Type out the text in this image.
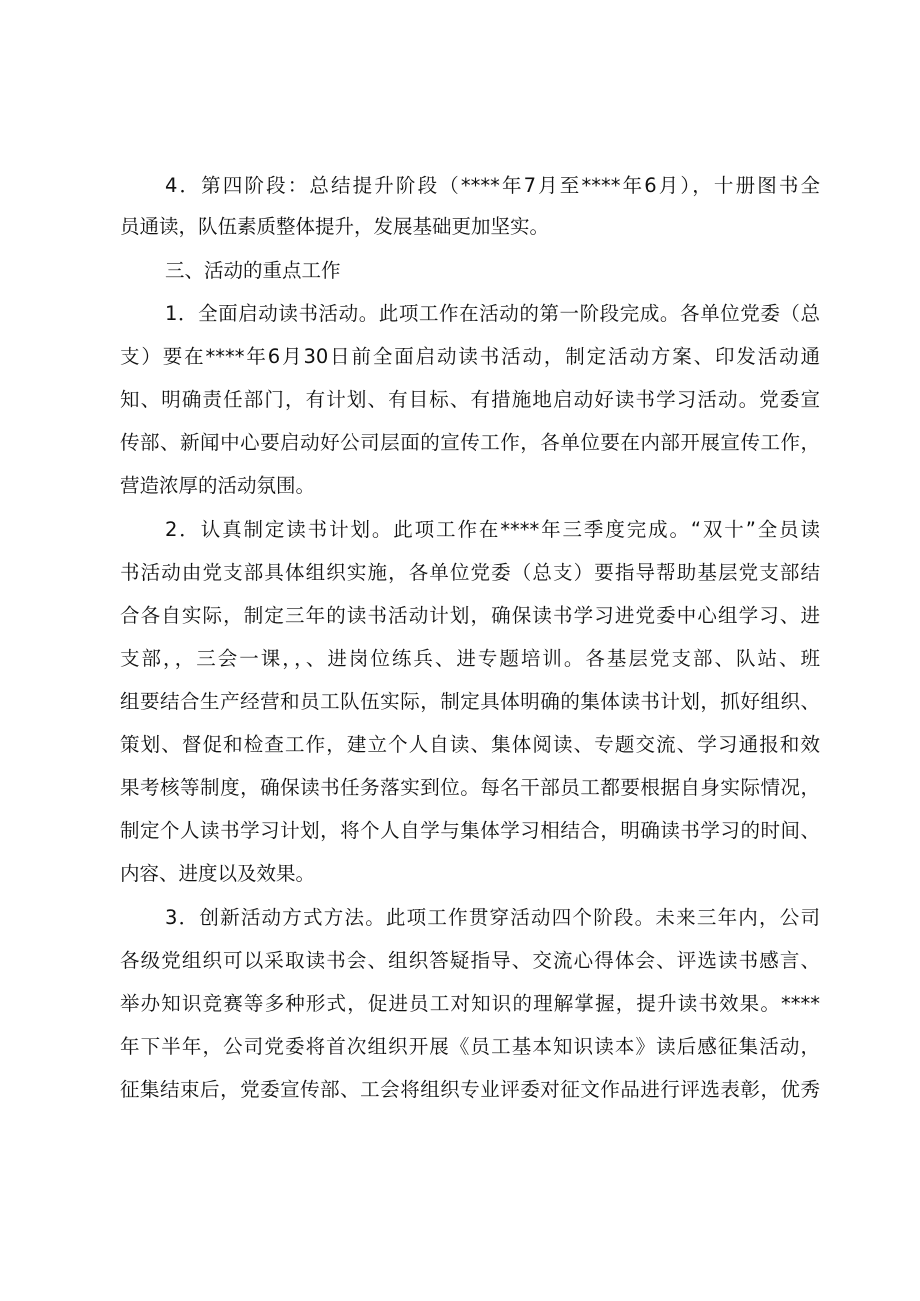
4．第四阶段：总结提升阶段（****年7月至****年6月），十册图书全
员通读，队伍素质整体提升，发展基础更加坚实。
三、活动的重点工作
1．全面启动读书活动。此项工作在活动的第一阶段完成。各单位党委（总
支）要在****年6月30日前全面启动读书活动，制定活动方案、印发活动通
知、明确责任部门，有计划、有目标、有措施地启动好读书学习活动。党委宣
传部、新闻中心要启动好公司层面的宣传工作，各单位要在内部开展宣传工作，
营造浓厚的活动氛围。
2．认真制定读书计划。此项工作在****年三季度完成。“双十”全员读
书活动由党支部具体组织实施，各单位党委（总支）要指导帮助基层党支部结
合各自实际，制定三年的读书活动计划，确保读书学习进党委中心组学习、进
支部，，三会一课，，、进岗位练兵、进专题培训。各基层党支部、队站、班
组要结合生产经营和员工队伍实际，制定具体明确的集体读书计划，抓好组织、
策划、督促和检查工作，建立个人自读、集体阅读、专题交流、学习通报和效
果考核等制度，确保读书任务落实到位。每名干部员工都要根据自身实际情况，
制定个人读书学习计划，将个人自学与集体学习相结合，明确读书学习的时间、
内容、进度以及效果。
3．创新活动方式方法。此项工作贯穿活动四个阶段。未来三年内，公司
各级党组织可以采取读书会、组织答疑指导、交流心得体会、评选读书感言、
举办知识竞赛等多种形式，促进员工对知识的理解掌握，提升读书效果。****
年下半年，公司党委将首次组织开展《员工基本知识读本》读后感征集活动，
征集结束后，党委宣传部、工会将组织专业评委对征文作品进行评选表彰，优秀
